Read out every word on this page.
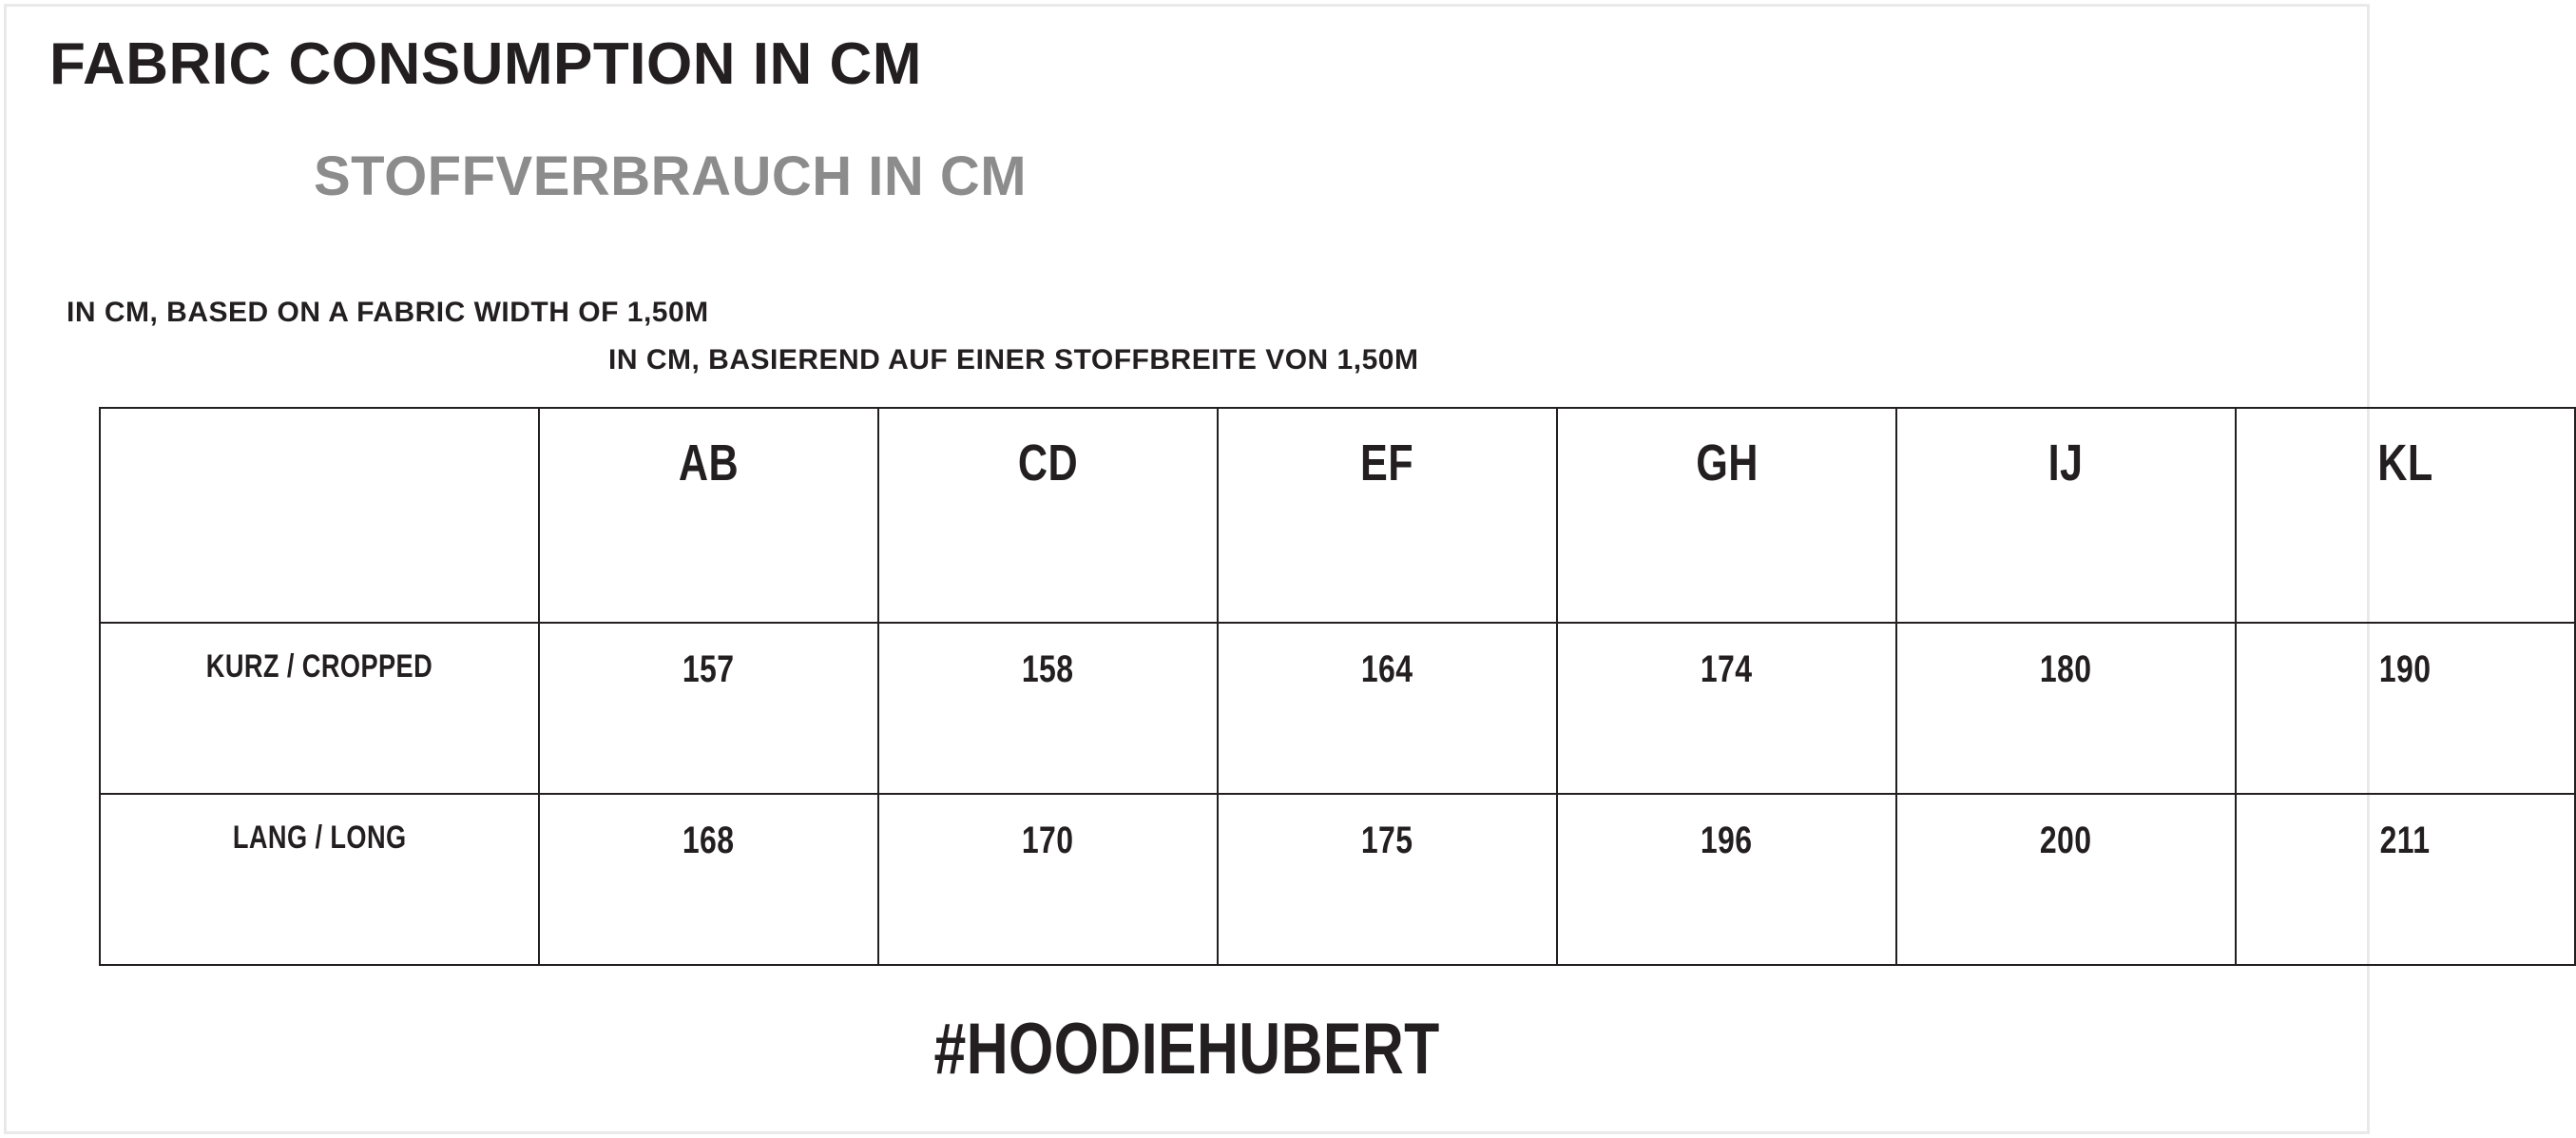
FABRIC CONSUMPTION IN CM
STOFFVERBRAUCH IN CM
IN CM, BASED ON A FABRIC WIDTH OF 1,50M
IN CM, BASIEREND AUF EINER STOFFBREITE VON 1,50M

	AB	CD	EF	GH	IJ	KL

KURZ / CROPPED	157	158	164	174	180	190

LANG / LONG	168	170	175	196	200	211
#HOODIEHUBERT
